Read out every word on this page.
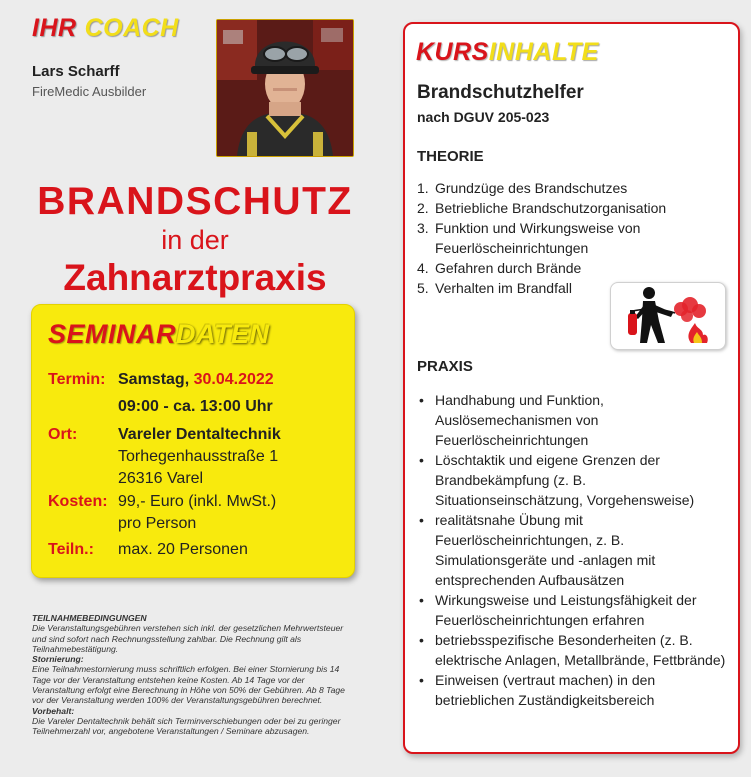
IHR COACH
Lars Scharff
FireMedic Ausbilder
BRANDSCHUTZ
in der
Zahnarztpraxis
SEMINARDATEN
Termin: Samstag, 30.04.2022
09:00 - ca. 13:00 Uhr
Ort:	Vareler Dentaltechnik
Torhegenhausstraße 1
26316 Varel
Kosten: 99,- Euro (inkl. MwSt.)
pro Person
Teiln.:	max. 20 Personen
TEILNAHMEBEDINGUNGEN
Die Veranstaltungsgebühren verstehen sich inkl. der gesetzlichen Mehrwertsteuer und sind sofort nach Rechnungsstellung zahlbar. Die Rechnung gilt als Teilnahmebestätigung.
Stornierung:
Eine Teilnahmestornierung muss schriftlich erfolgen. Bei einer Stornierung bis 14 Tage vor der Veranstaltung entstehen keine Kosten. Ab 14 Tage vor der Veranstaltung erfolgt eine Berechnung in Höhe von 50% der Gebühren. Ab 8 Tage vor der Veranstaltung werden 100% der Veranstaltungsgebühren berechnet.
Vorbehalt:
Die Vareler Dentaltechnik behält sich Terminverschiebungen oder bei zu geringer Teilnehmerzahl vor, angebotene Veranstaltungen / Seminare abzusagen.
KURSINHALTE
Brandschutzhelfer
nach DGUV 205-023
THEORIE
1. Grundzüge des Brandschutzes
2. Betriebliche Brandschutzorganisation
3. Funktion und Wirkungsweise von Feuerlöscheinrichtungen
4. Gefahren durch Brände
5. Verhalten im Brandfall
PRAXIS
• Handhabung und Funktion, Auslösemechanismen von Feuerlöscheinrichtungen
• Löschtaktik und eigene Grenzen der Brandbekämpfung (z. B. Situationseinschätzung, Vorgehensweise)
• realitätsnahe Übung mit Feuerlöscheinrichtungen, z. B. Simulationsgeräte und -anlagen mit entsprechenden Aufbausätzen
• Wirkungsweise und Leistungsfähigkeit der Feuerlöscheinrichtungen erfahren
• betriebsspezifische Besonderheiten (z. B. elektrische Anlagen, Metallbrände, Fettbrände)
• Einweisen (vertraut machen) in den betrieblichen Zuständigkeitsbereich
